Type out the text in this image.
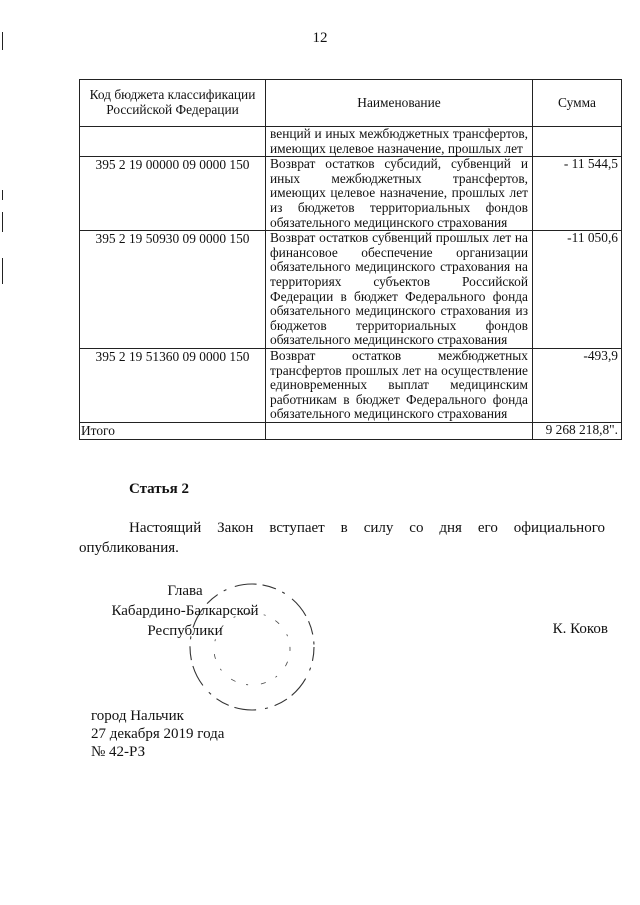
12
Код бюджета классификации Российской Федерации	Наименование	Сумма
	венций и иных межбюджетных трансфертов, имеющих целевое назначение, прошлых лет	
395 2 19 00000 09 0000 150	Возврат остатков субсидий, субвенций и иных межбюджетных трансфертов, имеющих целевое назначение, прошлых лет из бюджетов территориальных фондов обязательного медицинского страхования	- 11 544,5
395 2 19 50930 09 0000 150	Возврат остатков субвенций прошлых лет на финансовое обеспечение организации обязательного медицинского страхования на территориях субъектов Российской Федерации в бюджет Федерального фонда обязательного медицинского страхования из бюджетов территориальных фондов обязательного медицинского страхования	-11 050,6
395 2 19 51360 09 0000 150	Возврат остатков межбюджетных трансфертов прошлых лет на осуществление единовременных выплат медицинским работникам в бюджет Федерального фонда обязательного медицинского страхования	-493,9
Итого		9 268 218,8".
Статья 2
Настоящий Закон вступает в силу со дня его официального опубликования.
Глава
Кабардино-Балкарской
Республики	К. Коков
город Нальчик
27 декабря 2019 года
№ 42-РЗ
